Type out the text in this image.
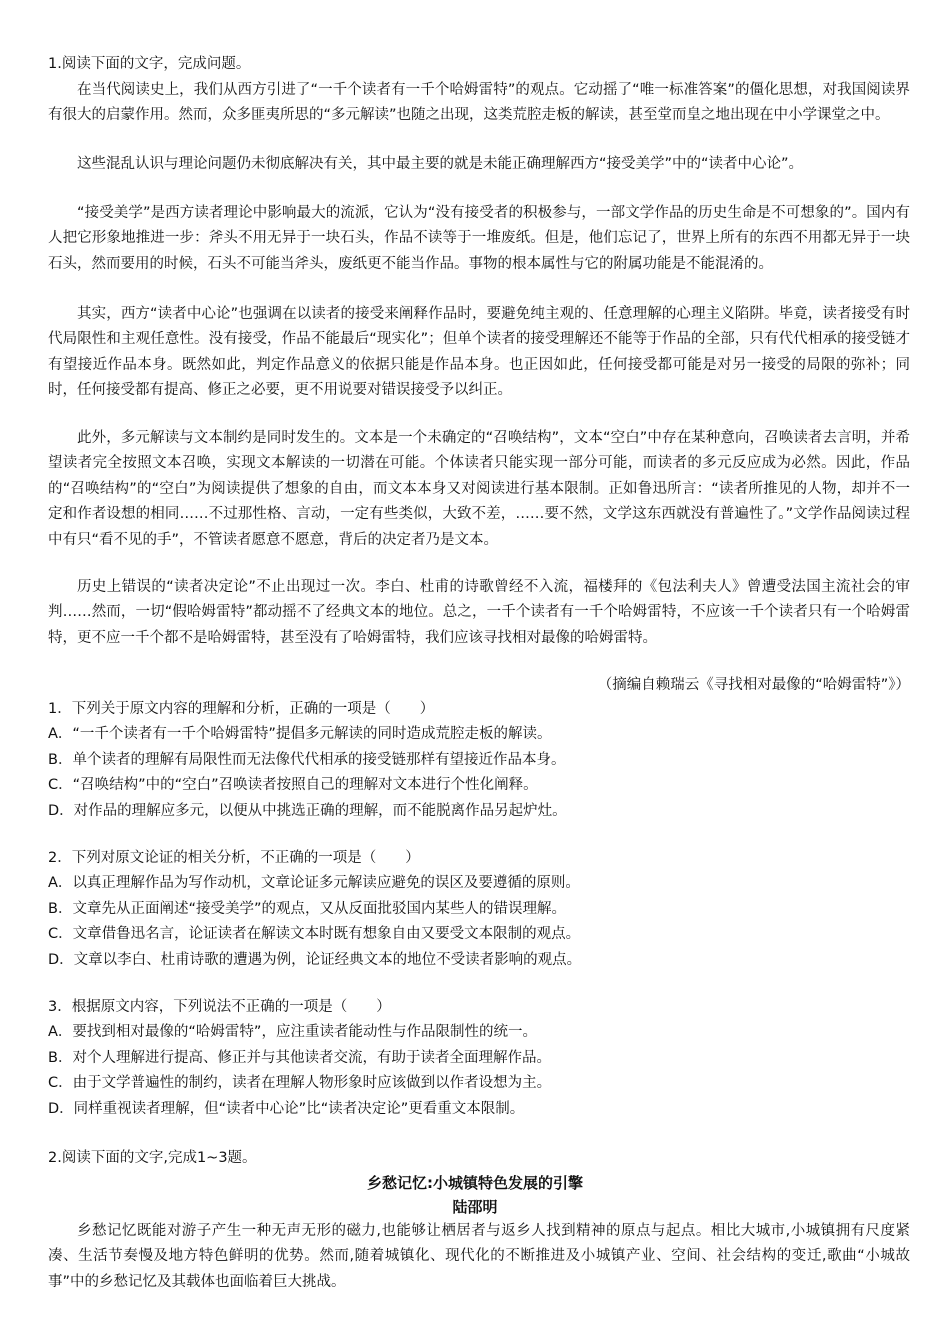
1.阅读下面的文字，完成问题。
在当代阅读史上，我们从西方引进了“一千个读者有一千个哈姆雷特”的观点。它动摇了“唯一标准答案”的僵化思想，对我国阅读界有很大的启蒙作用。然而，众多匪夷所思的“多元解读”也随之出现，这类荒腔走板的解读，甚至堂而皇之地出现在中小学课堂之中。
这些混乱认识与理论问题仍未彻底解决有关，其中最主要的就是未能正确理解西方“接受美学”中的“读者中心论”。
“接受美学”是西方读者理论中影响最大的流派，它认为“没有接受者的积极参与，一部文学作品的历史生命是不可想象的”。国内有人把它形象地推进一步：斧头不用无异于一块石头，作品不读等于一堆废纸。但是，他们忘记了，世界上所有的东西不用都无异于一块石头，然而要用的时候，石头不可能当斧头，废纸更不能当作品。事物的根本属性与它的附属功能是不能混淆的。
其实，西方“读者中心论”也强调在以读者的接受来阐释作品时，要避免纯主观的、任意理解的心理主义陷阱。毕竟，读者接受有时代局限性和主观任意性。没有接受，作品不能最后“现实化”；但单个读者的接受理解还不能等于作品的全部，只有代代相承的接受链才有望接近作品本身。既然如此，判定作品意义的依据只能是作品本身。也正因如此，任何接受都可能是对另一接受的局限的弥补；同时，任何接受都有提高、修正之必要，更不用说要对错误接受予以纠正。
此外，多元解读与文本制约是同时发生的。文本是一个未确定的“召唤结构”，文本“空白”中存在某种意向，召唤读者去言明，并希望读者完全按照文本召唤，实现文本解读的一切潜在可能。个体读者只能实现一部分可能，而读者的多元反应成为必然。因此，作品的“召唤结构”的“空白”为阅读提供了想象的自由，而文本本身又对阅读进行基本限制。正如鲁迅所言：“读者所推见的人物，却并不一定和作者设想的相同……不过那性格、言动，一定有些类似，大致不差，……要不然，文学这东西就没有普遍性了。”文学作品阅读过程中有只“看不见的手”，不管读者愿意不愿意，背后的决定者乃是文本。
历史上错误的“读者决定论”不止出现过一次。李白、杜甫的诗歌曾经不入流，福楼拜的《包法利夫人》曾遭受法国主流社会的审判……然而，一切“假哈姆雷特”都动摇不了经典文本的地位。总之，一千个读者有一千个哈姆雷特，不应该一千个读者只有一个哈姆雷特，更不应一千个都不是哈姆雷特，甚至没有了哈姆雷特，我们应该寻找相对最像的哈姆雷特。
（摘编自赖瑞云《寻找相对最像的“哈姆雷特”》）
1．下列关于原文内容的理解和分析，正确的一项是（　　）
A．“一千个读者有一千个哈姆雷特”提倡多元解读的同时造成荒腔走板的解读。
B．单个读者的理解有局限性而无法像代代相承的接受链那样有望接近作品本身。
C．“召唤结构”中的“空白”召唤读者按照自己的理解对文本进行个性化阐释。
D．对作品的理解应多元，以便从中挑选正确的理解，而不能脱离作品另起炉灶。
2．下列对原文论证的相关分析，不正确的一项是（　　）
A．以真正理解作品为写作动机，文章论证多元解读应避免的误区及要遵循的原则。
B．文章先从正面阐述“接受美学”的观点，又从反面批驳国内某些人的错误理解。
C．文章借鲁迅名言，论证读者在解读文本时既有想象自由又要受文本限制的观点。
D．文章以李白、杜甫诗歌的遭遇为例，论证经典文本的地位不受读者影响的观点。
3．根据原文内容，下列说法不正确的一项是（　　）
A．要找到相对最像的“哈姆雷特”，应注重读者能动性与作品限制性的统一。
B．对个人理解进行提高、修正并与其他读者交流，有助于读者全面理解作品。
C．由于文学普遍性的制约，读者在理解人物形象时应该做到以作者设想为主。
D．同样重视读者理解，但“读者中心论”比“读者决定论”更看重文本限制。
2.阅读下面的文字,完成1~3题。
乡愁记忆:小城镇特色发展的引擎
陆邵明
乡愁记忆既能对游子产生一种无声无形的磁力,也能够让栖居者与返乡人找到精神的原点与起点。相比大城市,小城镇拥有尺度紧凑、生活节奏慢及地方特色鲜明的优势。然而,随着城镇化、现代化的不断推进及小城镇产业、空间、社会结构的变迁,歌曲“小城故事”中的乡愁记忆及其载体也面临着巨大挑战。
